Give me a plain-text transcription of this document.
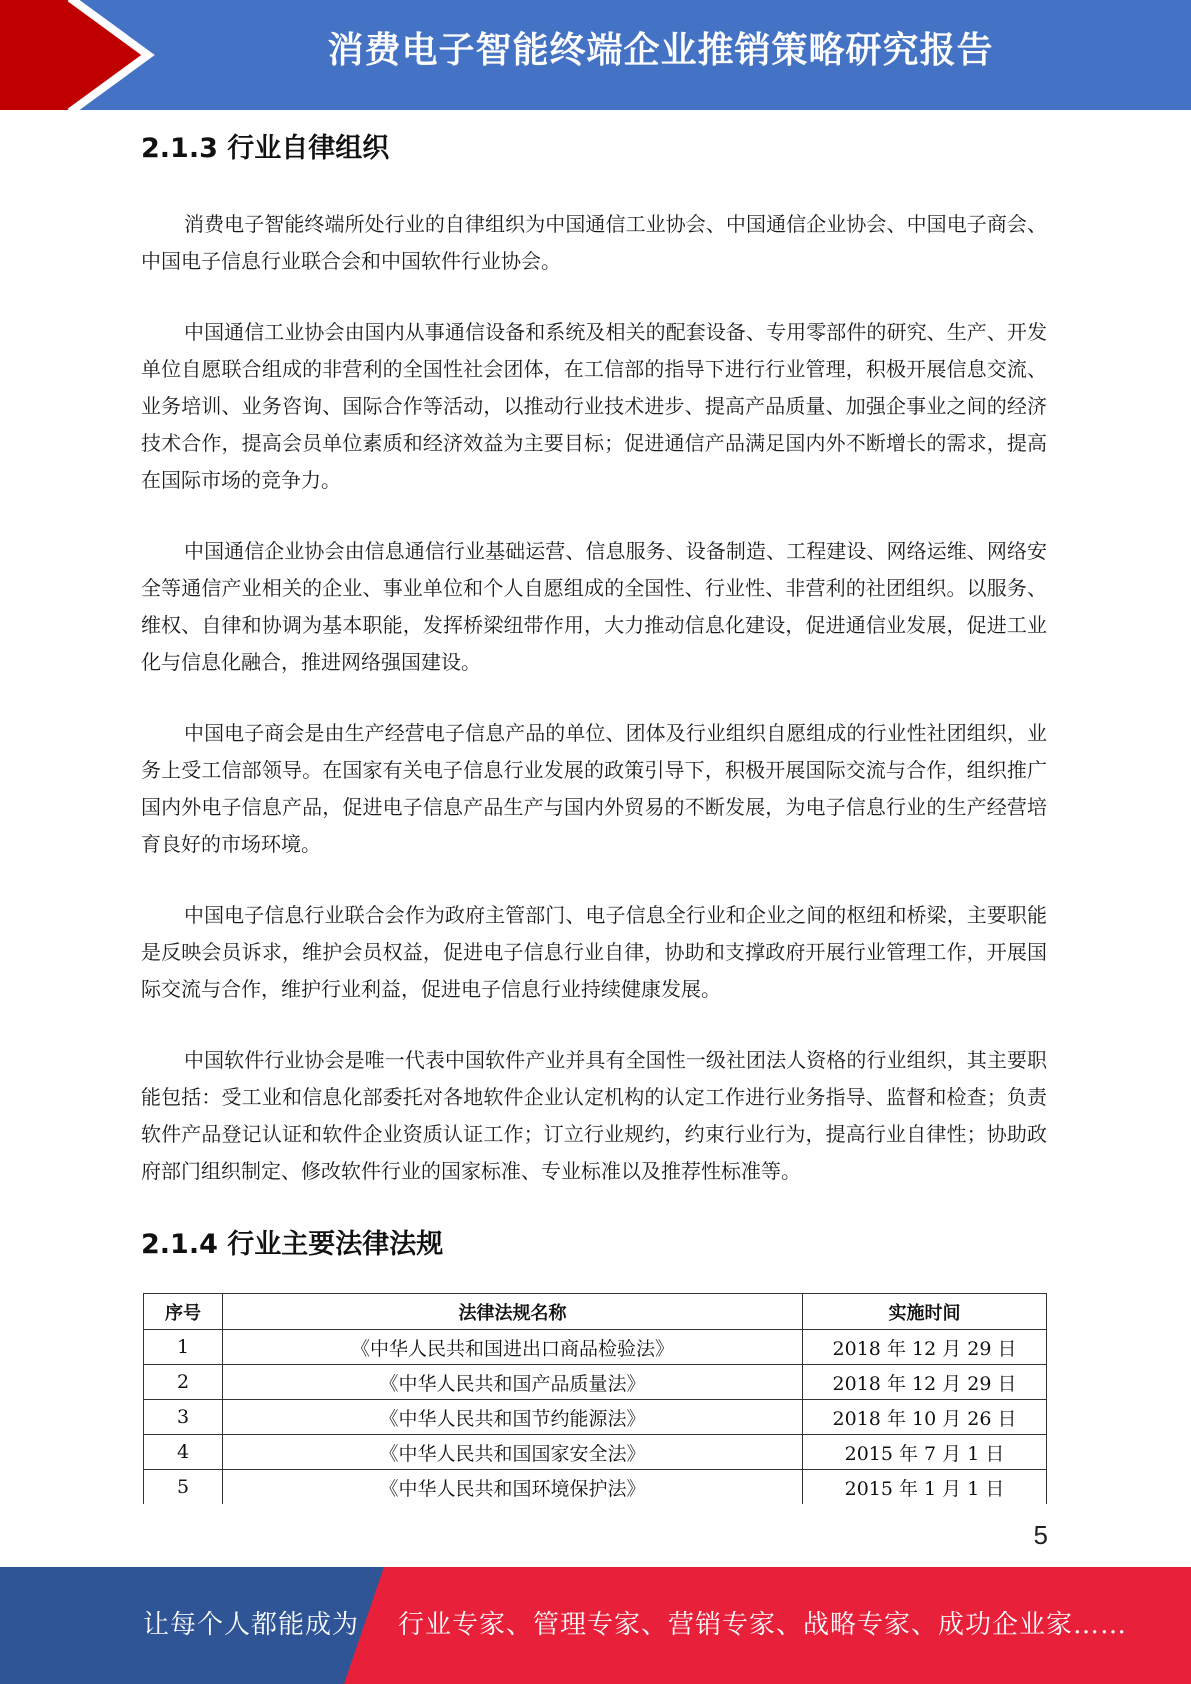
消费电子智能终端企业推销策略研究报告
2.1.3 行业自律组织

消费电子智能终端所处行业的自律组织为中国通信工业协会、中国通信企业协会、中国电子商会、中国电子信息行业联合会和中国软件行业协会。

中国通信工业协会由国内从事通信设备和系统及相关的配套设备、专用零部件的研究、生产、开发单位自愿联合组成的非营利的全国性社会团体，在工信部的指导下进行行业管理，积极开展信息交流、业务培训、业务咨询、国际合作等活动，以推动行业技术进步、提高产品质量、加强企事业之间的经济技术合作，提高会员单位素质和经济效益为主要目标；促进通信产品满足国内外不断增长的需求，提高在国际市场的竞争力。

中国通信企业协会由信息通信行业基础运营、信息服务、设备制造、工程建设、网络运维、网络安全等通信产业相关的企业、事业单位和个人自愿组成的全国性、行业性、非营利的社团组织。以服务、维权、自律和协调为基本职能，发挥桥梁纽带作用，大力推动信息化建设，促进通信业发展，促进工业化与信息化融合，推进网络强国建设。

中国电子商会是由生产经营电子信息产品的单位、团体及行业组织自愿组成的行业性社团组织，业务上受工信部领导。在国家有关电子信息行业发展的政策引导下，积极开展国际交流与合作，组织推广国内外电子信息产品，促进电子信息产品生产与国内外贸易的不断发展，为电子信息行业的生产经营培育良好的市场环境。

中国电子信息行业联合会作为政府主管部门、电子信息全行业和企业之间的枢纽和桥梁，主要职能是反映会员诉求，维护会员权益，促进电子信息行业自律，协助和支撑政府开展行业管理工作，开展国际交流与合作，维护行业利益，促进电子信息行业持续健康发展。

中国软件行业协会是唯一代表中国软件产业并具有全国性一级社团法人资格的行业组织，其主要职能包括：受工业和信息化部委托对各地软件企业认定机构的认定工作进行业务指导、监督和检查；负责软件产品登记认证和软件企业资质认证工作；订立行业规约，约束行业行为，提高行业自律性；协助政府部门组织制定、修改软件行业的国家标准、专业标准以及推荐性标准等。

2.1.4 行业主要法律法规
序号	法律法规名称	实施时间
1	《中华人民共和国进出口商品检验法》	2018 年 12 月 29 日
2	《中华人民共和国产品质量法》	2018 年 12 月 29 日
3	《中华人民共和国节约能源法》	2018 年 10 月 26 日
4	《中华人民共和国国家安全法》	2015 年 7 月 1 日
5	《中华人民共和国环境保护法》	2015 年 1 月 1 日
5
让每个人都能成为 行业专家、管理专家、营销专家、战略专家、成功企业家……
